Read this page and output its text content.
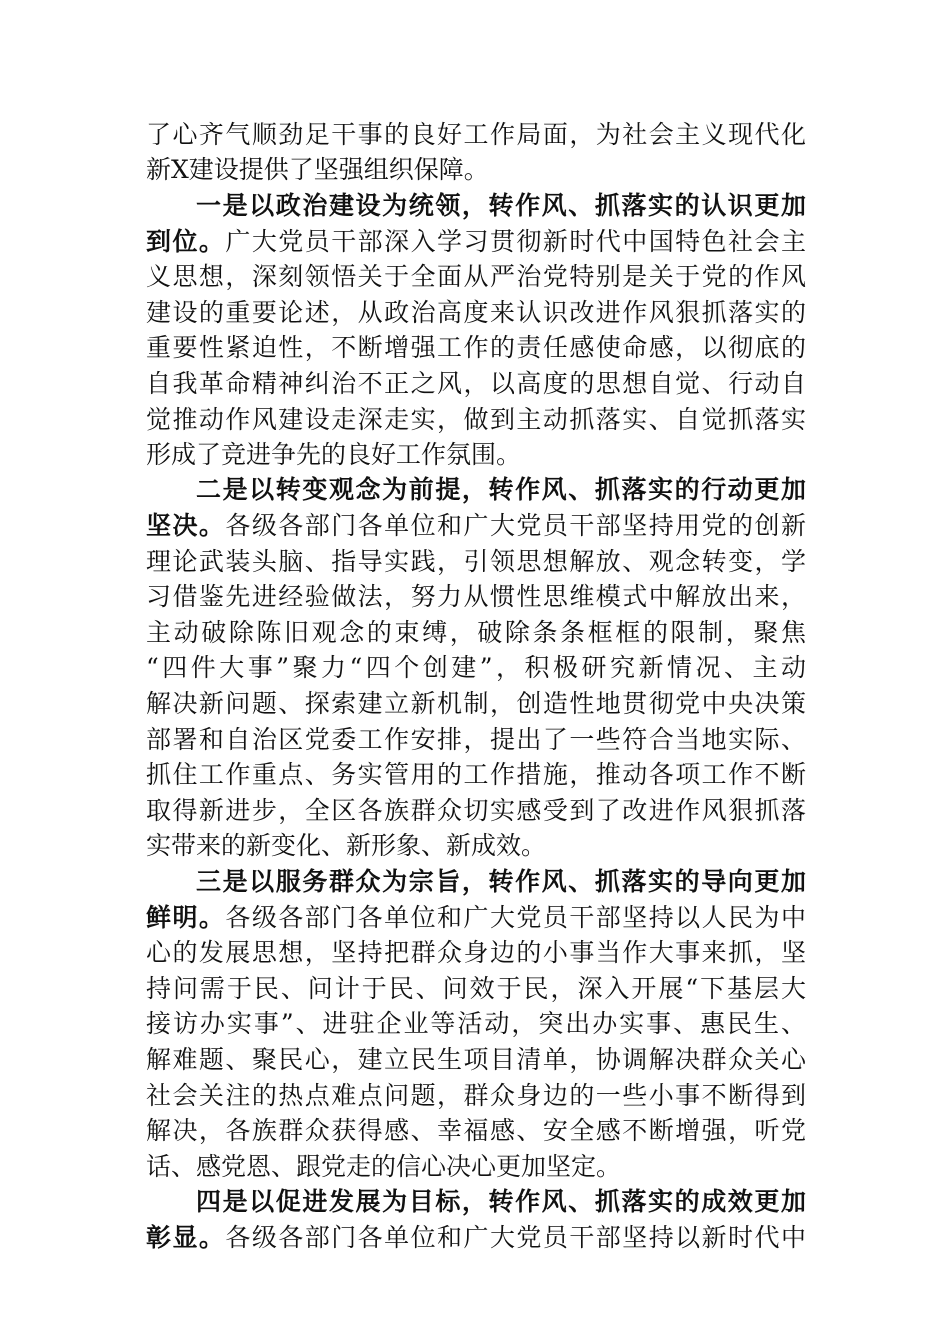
了心齐气顺劲足干事的良好工作局面，为社会主义现代化
新X建设提供了坚强组织保障。
一是以政治建设为统领，转作风、抓落实的认识更加
到位。广大党员干部深入学习贯彻新时代中国特色社会主
义思想，深刻领悟关于全面从严治党特别是关于党的作风
建设的重要论述，从政治高度来认识改进作风狠抓落实的
重要性紧迫性，不断增强工作的责任感使命感，以彻底的
自我革命精神纠治不正之风，以高度的思想自觉、行动自
觉推动作风建设走深走实，做到主动抓落实、自觉抓落实
形成了竞进争先的良好工作氛围。
二是以转变观念为前提，转作风、抓落实的行动更加
坚决。各级各部门各单位和广大党员干部坚持用党的创新
理论武装头脑、指导实践，引领思想解放、观念转变，学
习借鉴先进经验做法，努力从惯性思维模式中解放出来，
主动破除陈旧观念的束缚，破除条条框框的限制，聚焦
“四件大事”聚力“四个创建”，积极研究新情况、主动
解决新问题、探索建立新机制，创造性地贯彻党中央决策
部署和自治区党委工作安排，提出了一些符合当地实际、
抓住工作重点、务实管用的工作措施，推动各项工作不断
取得新进步，全区各族群众切实感受到了改进作风狠抓落
实带来的新变化、新形象、新成效。
三是以服务群众为宗旨，转作风、抓落实的导向更加
鲜明。各级各部门各单位和广大党员干部坚持以人民为中
心的发展思想，坚持把群众身边的小事当作大事来抓，坚
持问需于民、问计于民、问效于民，深入开展“下基层大
接访办实事”、进驻企业等活动，突出办实事、惠民生、
解难题、聚民心，建立民生项目清单，协调解决群众关心
社会关注的热点难点问题，群众身边的一些小事不断得到
解决，各族群众获得感、幸福感、安全感不断增强，听党
话、感党恩、跟党走的信心决心更加坚定。
四是以促进发展为目标，转作风、抓落实的成效更加
彰显。各级各部门各单位和广大党员干部坚持以新时代中
